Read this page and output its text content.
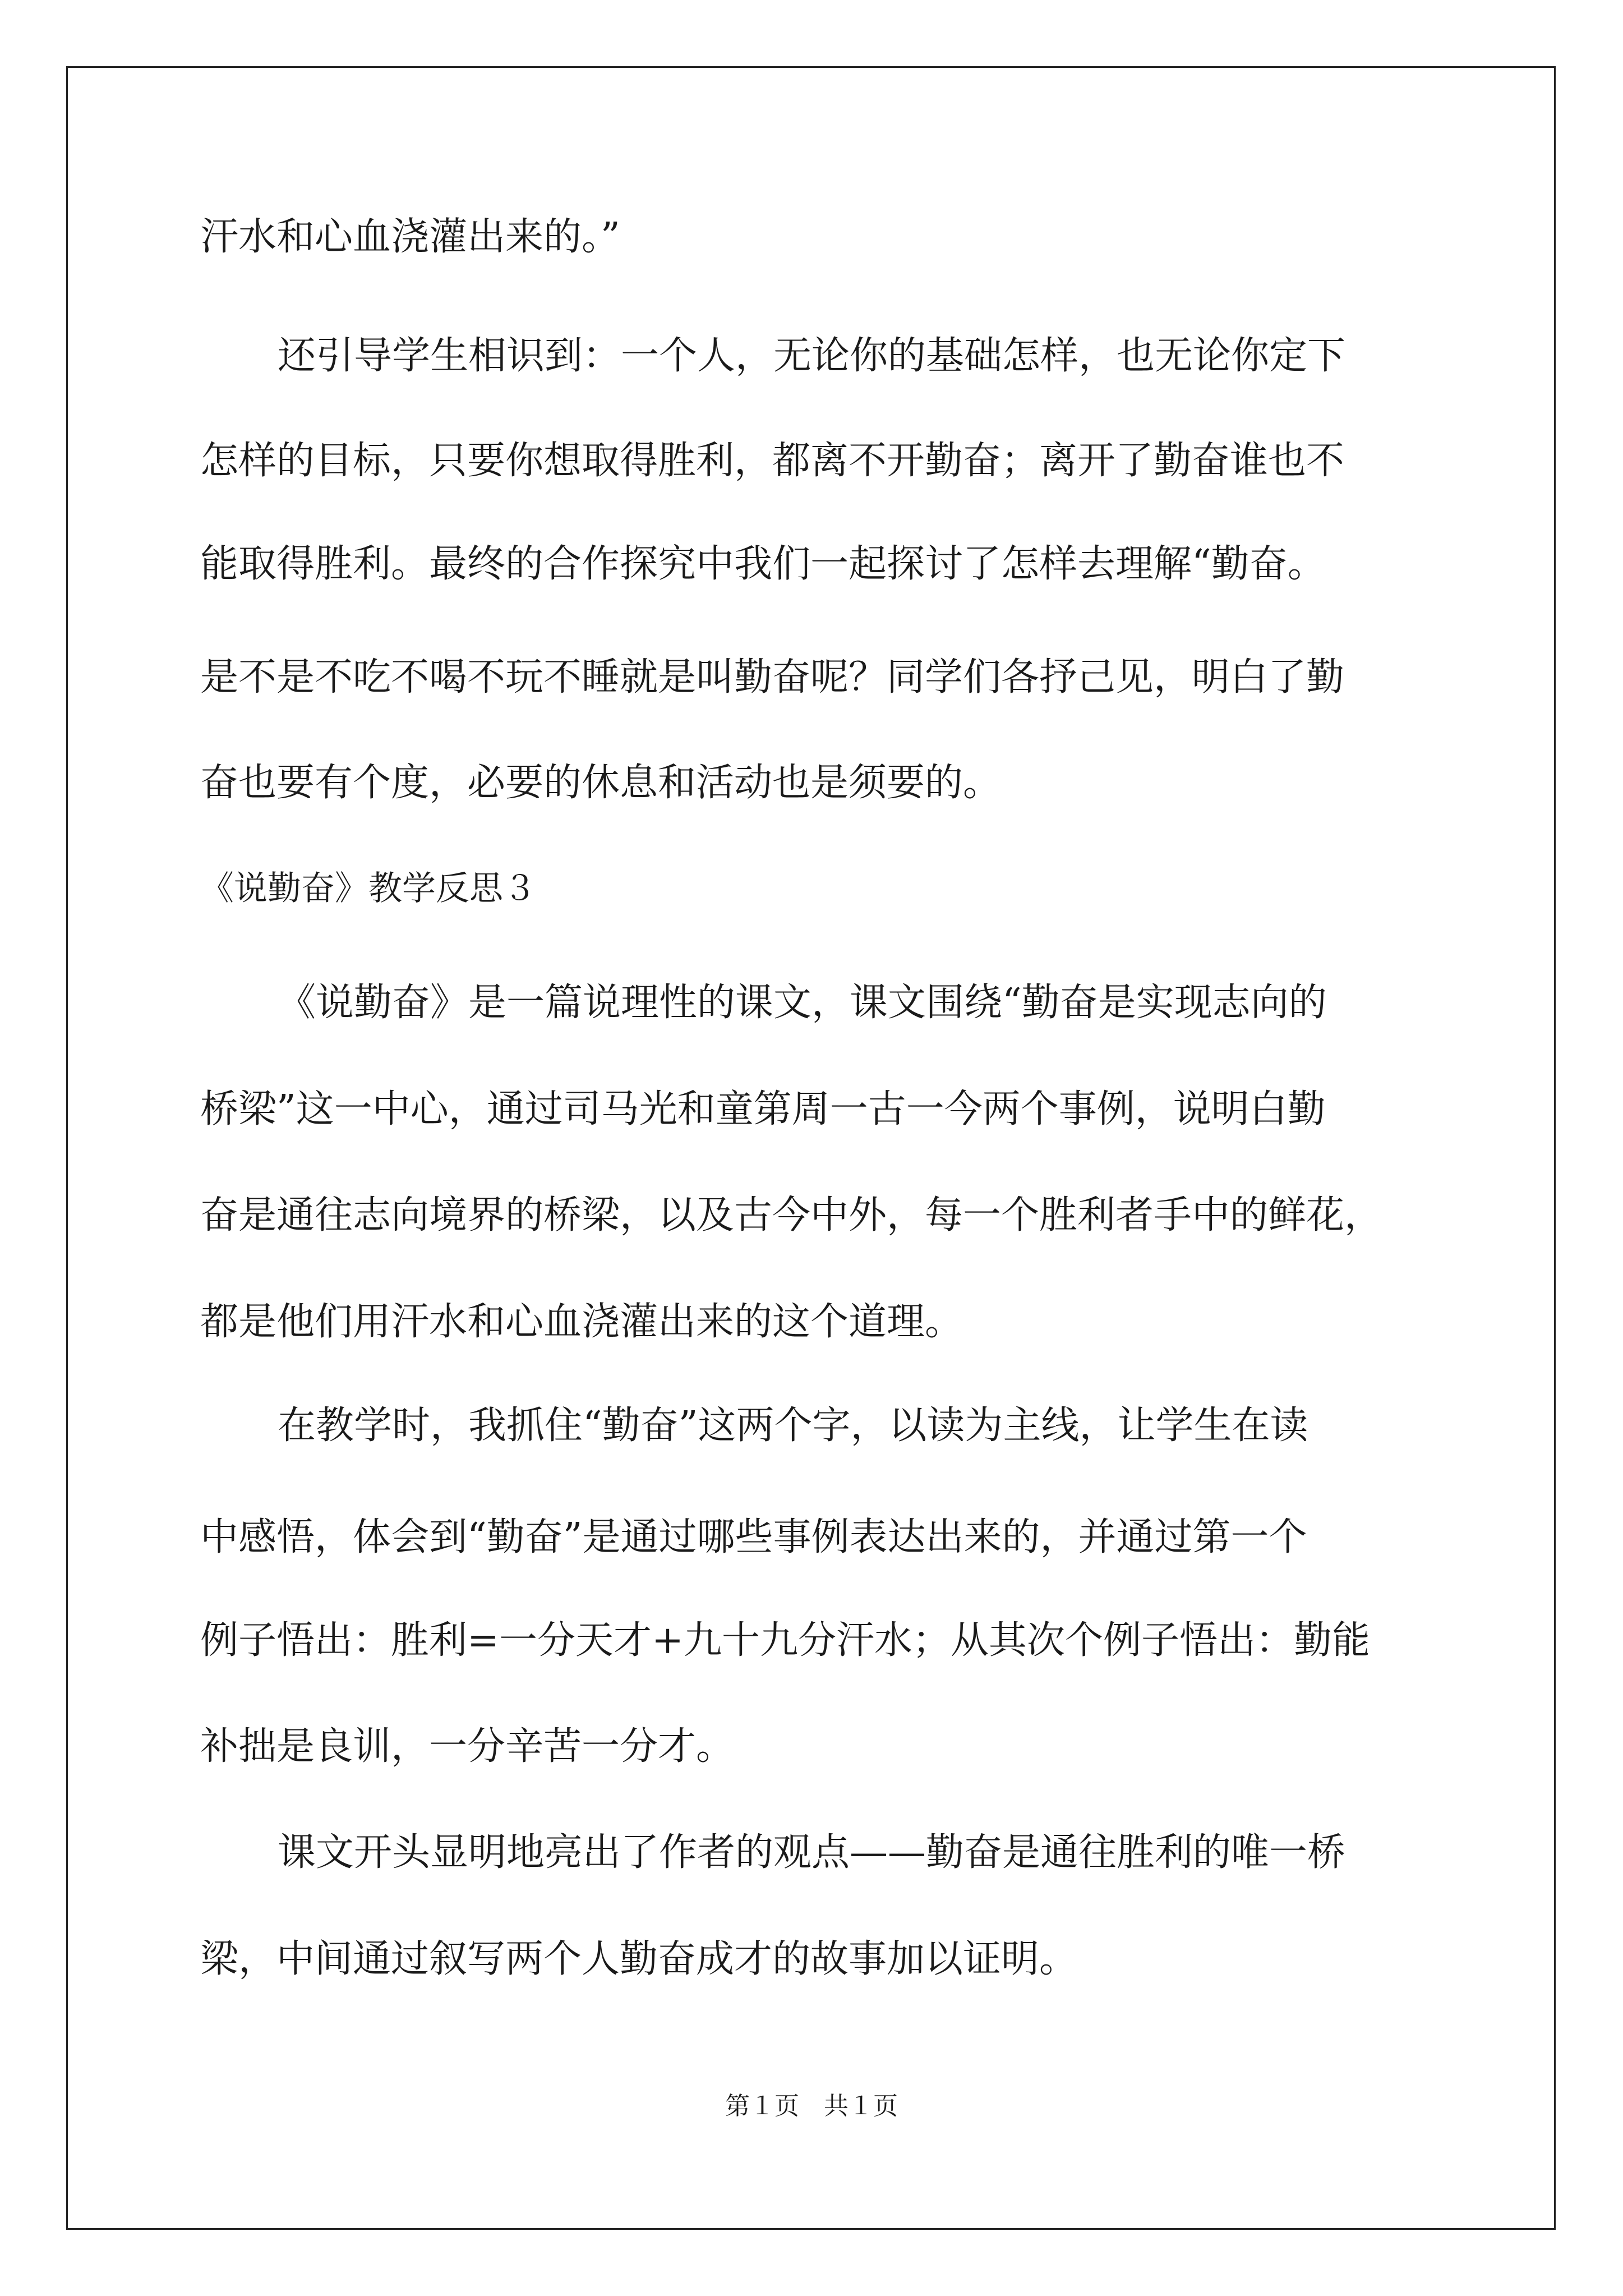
汗水和心血浇灌出来的。”

还引导学生相识到：一个人，无论你的基础怎样，也无论你定下

怎样的目标，只要你想取得胜利，都离不开勤奋；离开了勤奋谁也不

能取得胜利。最终的合作探究中我们一起探讨了怎样去理解“勤奋。

是不是不吃不喝不玩不睡就是叫勤奋呢？同学们各抒己见，明白了勤

奋也要有个度，必要的休息和活动也是须要的。

《说勤奋》教学反思３

《说勤奋》是一篇说理性的课文，课文围绕“勤奋是实现志向的

桥梁”这一中心，通过司马光和童第周一古一今两个事例，说明白勤

奋是通往志向境界的桥梁，以及古今中外，每一个胜利者手中的鲜花，

都是他们用汗水和心血浇灌出来的这个道理。

在教学时，我抓住“勤奋”这两个字，以读为主线，让学生在读

中感悟，体会到“勤奋”是通过哪些事例表达出来的，并通过第一个

例子悟出：胜利=一分天才+九十九分汗水；从其次个例子悟出：勤能

补拙是良训，一分辛苦一分才。

课文开头显明地亮出了作者的观点——勤奋是通往胜利的唯一桥

梁，中间通过叙写两个人勤奋成才的故事加以证明。

第１页　共１页
